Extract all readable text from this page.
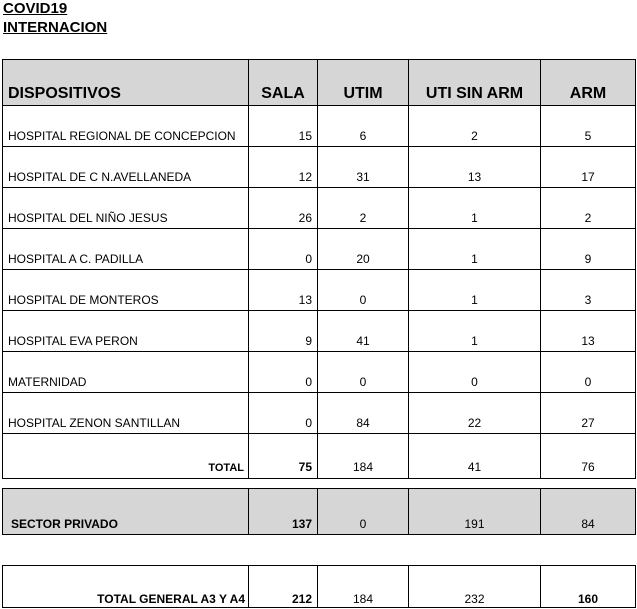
COVID19
INTERNACION
DISPOSITIVOS	SALA	UTIM	UTI SIN ARM	ARM
HOSPITAL REGIONAL DE CONCEPCION	15	6	2	5
HOSPITAL DE C N.AVELLANEDA	12	31	13	17
HOSPITAL DEL NIÑO JESUS	26	2	1	2
HOSPITAL A C. PADILLA	0	20	1	9
HOSPITAL DE MONTEROS	13	0	1	3
HOSPITAL EVA PERON	9	41	1	13
MATERNIDAD	0	0	0	0
HOSPITAL ZENON SANTILLAN	0	84	22	27
TOTAL	75	184	41	76
SECTOR PRIVADO	137	0	191	84
TOTAL GENERAL A3 Y A4	212	184	232	160
